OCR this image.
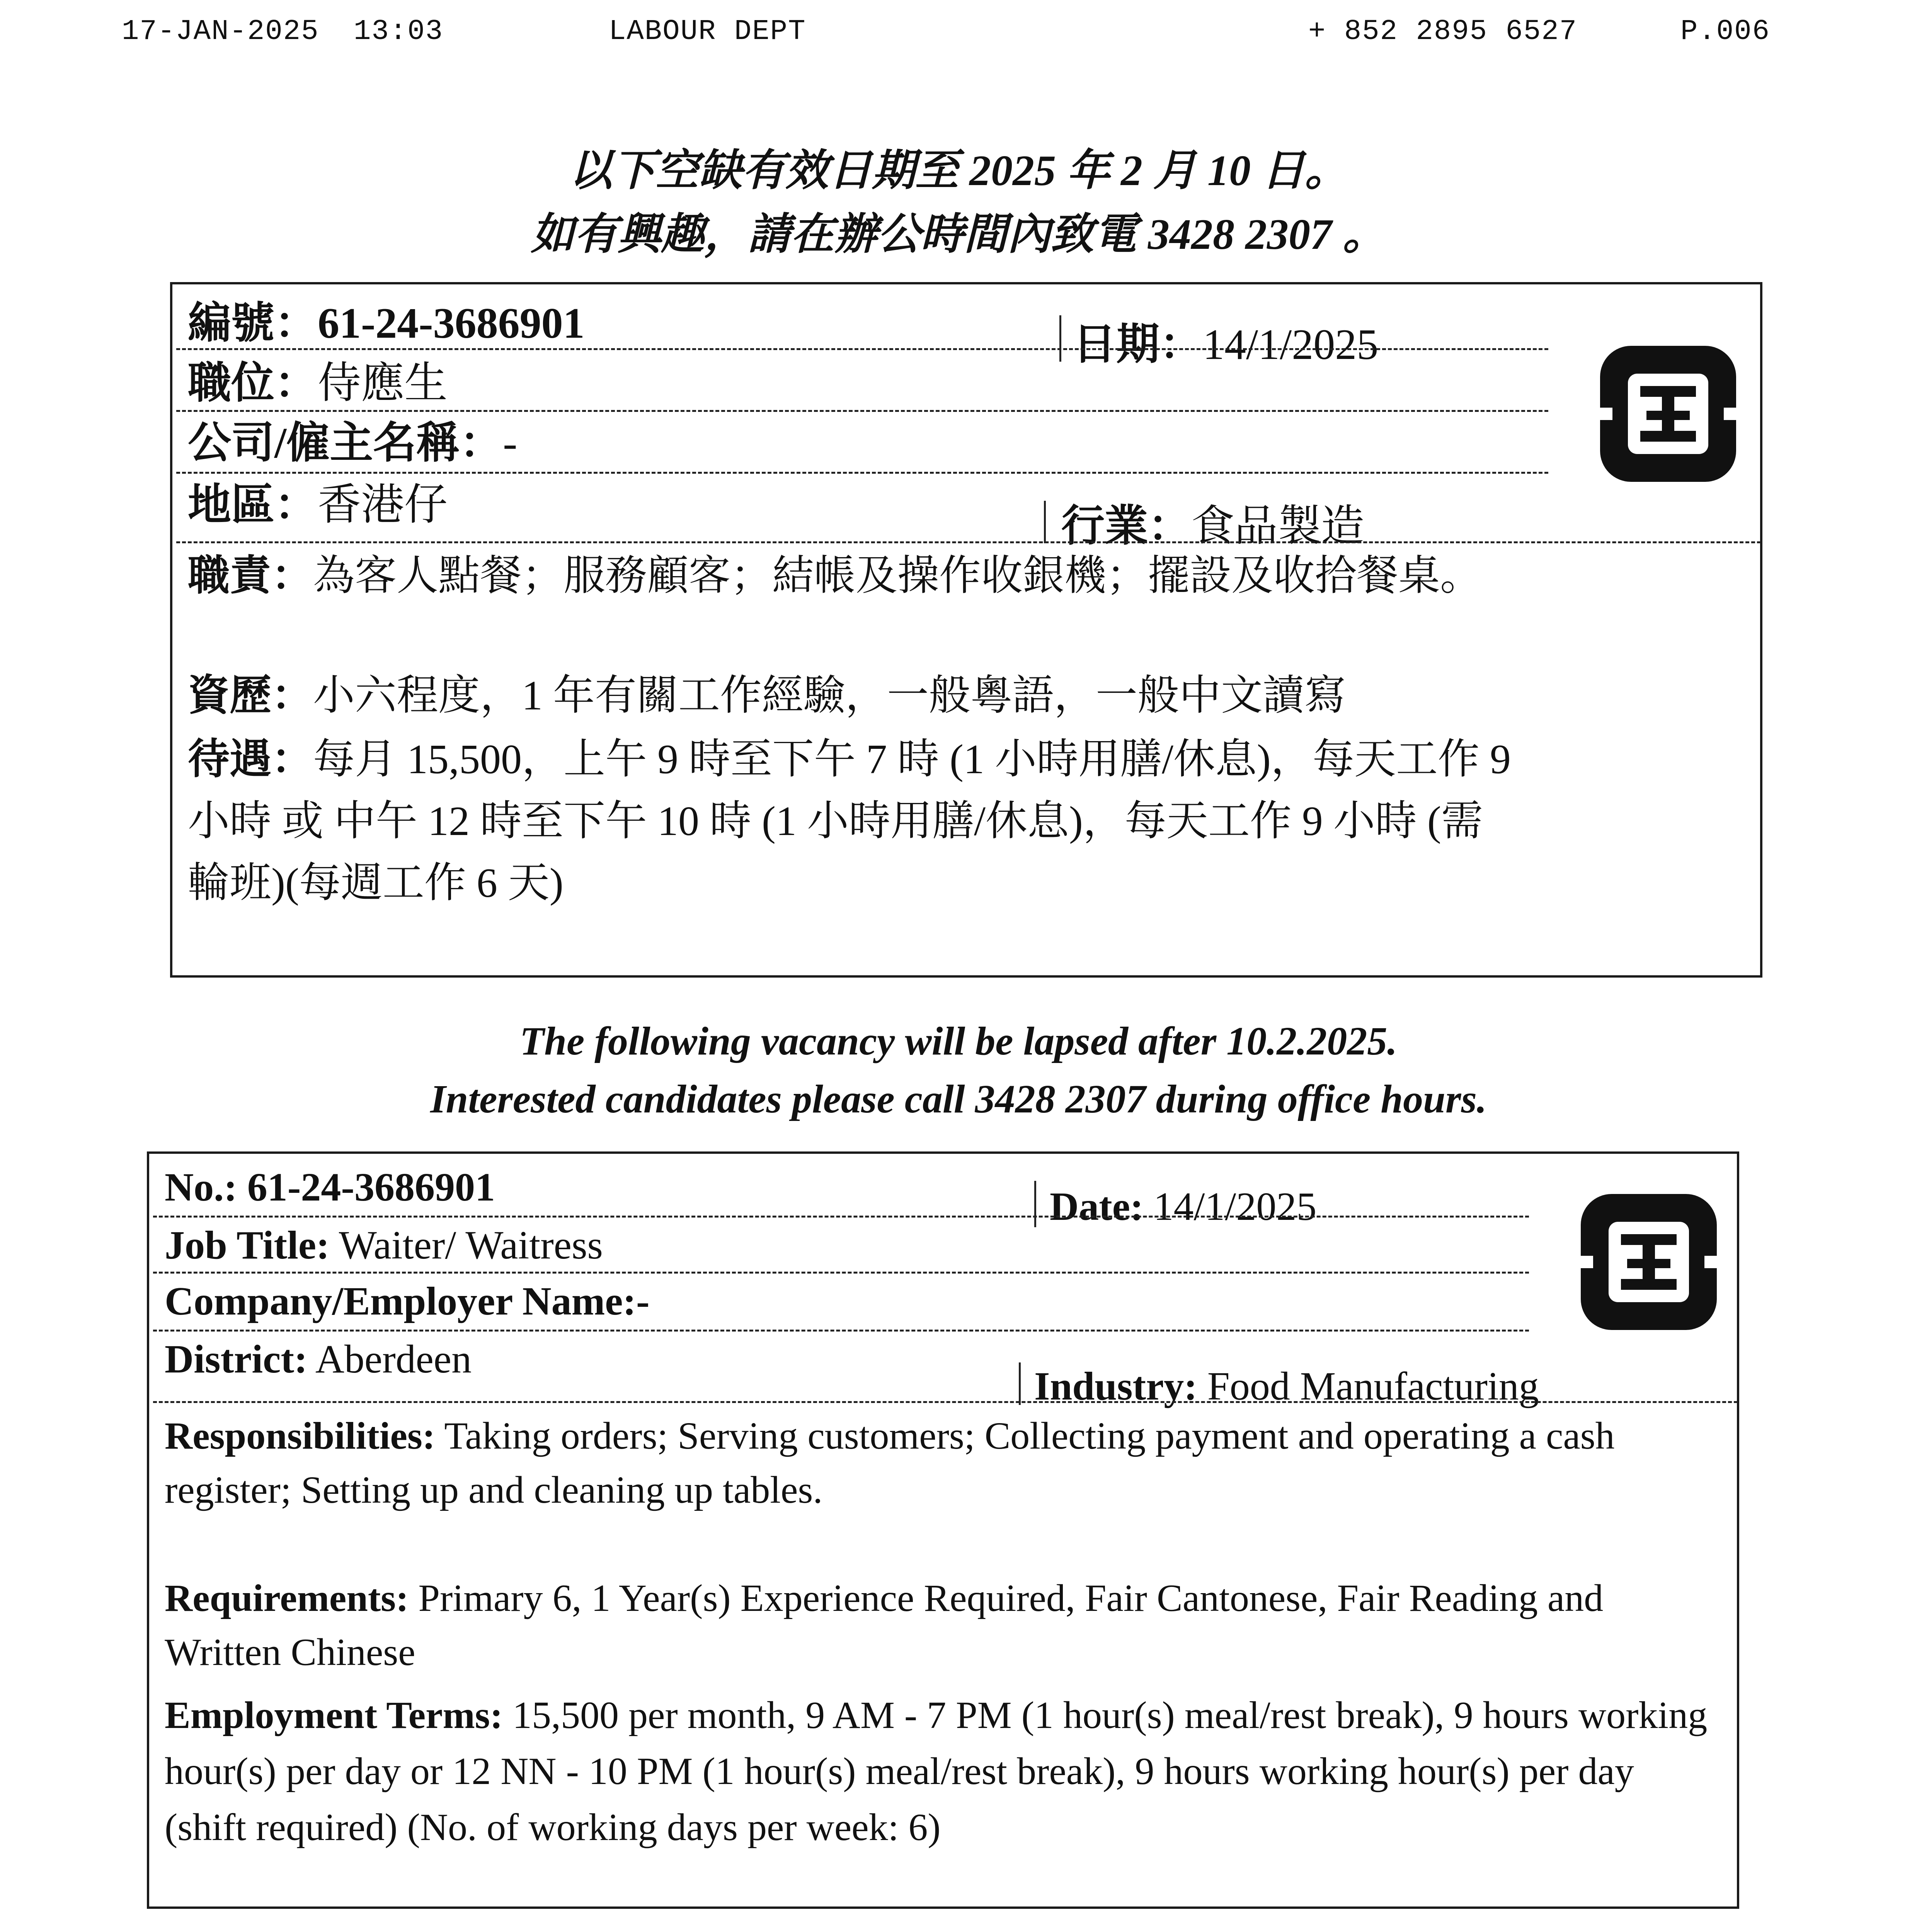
17-JAN-2025 13:03	LABOUR DEPT	+ 852 2895 6527	P.006
以下空缺有效日期至 2025 年 2 月 10 日。
如有興趣，請在辦公時間內致電 3428 2307 。
編號：61-24-3686901	日期：14/1/2025
職位：侍應生
公司/僱主名稱：-
地區：香港仔	行業：食品製造
職責：為客人點餐；服務顧客；結帳及操作收銀機；擺設及收拾餐桌。
資歷：小六程度，1 年有關工作經驗，一般粵語，一般中文讀寫
待遇：每月 15,500，上午 9 時至下午 7 時 (1 小時用膳/休息)，每天工作 9
小時 或 中午 12 時至下午 10 時 (1 小時用膳/休息)，每天工作 9 小時 (需
輪班)(每週工作 6 天)
The following vacancy will be lapsed after 10.2.2025.
Interested candidates please call 3428 2307 during office hours.
No.: 61-24-3686901	Date: 14/1/2025
Job Title: Waiter/ Waitress
Company/Employer Name:-
District: Aberdeen
Industry: Food Manufacturing
Responsibilities: Taking orders; Serving customers; Collecting payment and operating a cash register; Setting up and cleaning up tables.
Requirements: Primary 6, 1 Year(s) Experience Required, Fair Cantonese, Fair Reading and Written Chinese
Employment Terms: 15,500 per month, 9 AM - 7 PM (1 hour(s) meal/rest break), 9 hours working hour(s) per day or 12 NN - 10 PM (1 hour(s) meal/rest break), 9 hours working hour(s) per day (shift required) (No. of working days per week: 6)
